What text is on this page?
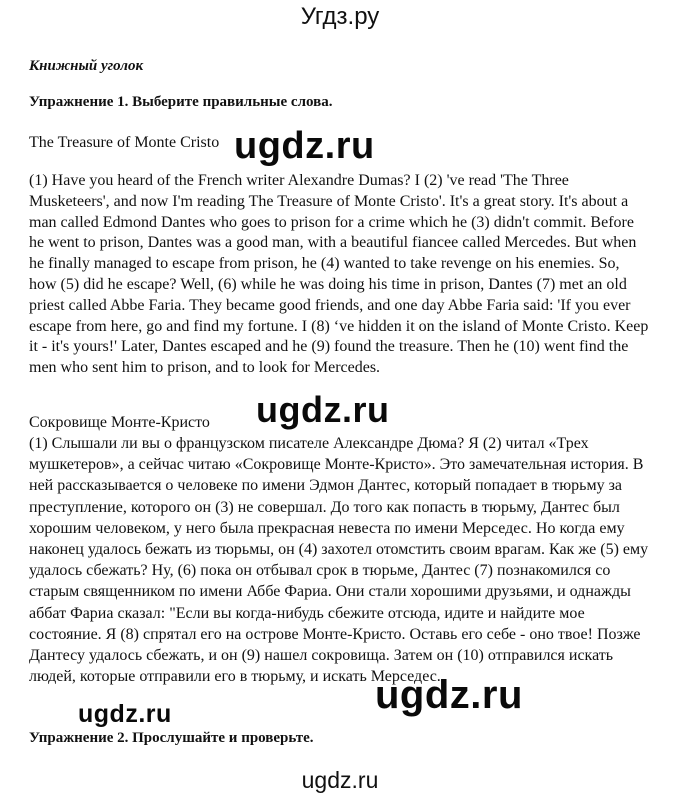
Угдз.ру
Книжный уголок
Упражнение 1. Выберите правильные слова.
The Treasure of Monte Cristo

(1) Have you heard of the French writer Alexandre Dumas? I (2) 've read 'The Three Musketeers', and now I'm reading The Treasure of Monte Cristo'. It's a great story. It's about a man called Edmond Dantes who goes to prison for a crime which he (3) didn't commit. Before he went to prison, Dantes was a good man, with a beautiful fiancee called Mercedes. But when he finally managed to escape from prison, he (4) wanted to take revenge on his enemies. So, how (5) did he escape? Well, (6) while he was doing his time in prison, Dantes (7) met an old priest called Abbe Faria. They became good friends, and one day Abbe Faria said: 'If you ever escape from here, go and find my fortune. I (8) ‘ve hidden it on the island of Monte Cristo. Keep it - it's yours!' Later, Dantes escaped and he (9) found the treasure. Then he (10) went find the men who sent him to prison, and to look for Mercedes.

Сокровище Монте-Кристо

(1) Слышали ли вы о французском писателе Александре Дюма? Я (2) читал «Трех мушкетеров», а сейчас читаю «Сокровище Монте-Кристо». Это замечательная история. В ней рассказывается о человеке по имени Эдмон Дантес, который попадает в тюрьму за преступление, которого он (3) не совершал. До того как попасть в тюрьму, Дантес был хорошим человеком, у него была прекрасная невеста по имени Мерседес. Но когда ему наконец удалось бежать из тюрьмы, он (4) захотел отомстить своим врагам. Как же (5) ему удалось сбежать? Ну, (6) пока он отбывал срок в тюрьме, Дантес (7) познакомился со старым священником по имени Аббе Фариа. Они стали хорошими друзьями, и однажды аббат Фариа сказал: "Если вы когда-нибудь сбежите отсюда, идите и найдите мое состояние. Я (8) спрятал его на острове Монте-Кристо. Оставь его себе - оно твое! Позже Дантесу удалось сбежать, и он (9) нашел сокровища. Затем он (10) отправился искать людей, которые отправили его в тюрьму, и искать Мерседес.

Упражнение 2. Прослушайте и проверьте.
ugdz.ru
ugdz.ru
ugdz.ru
ugdz.ru
ugdz.ru
